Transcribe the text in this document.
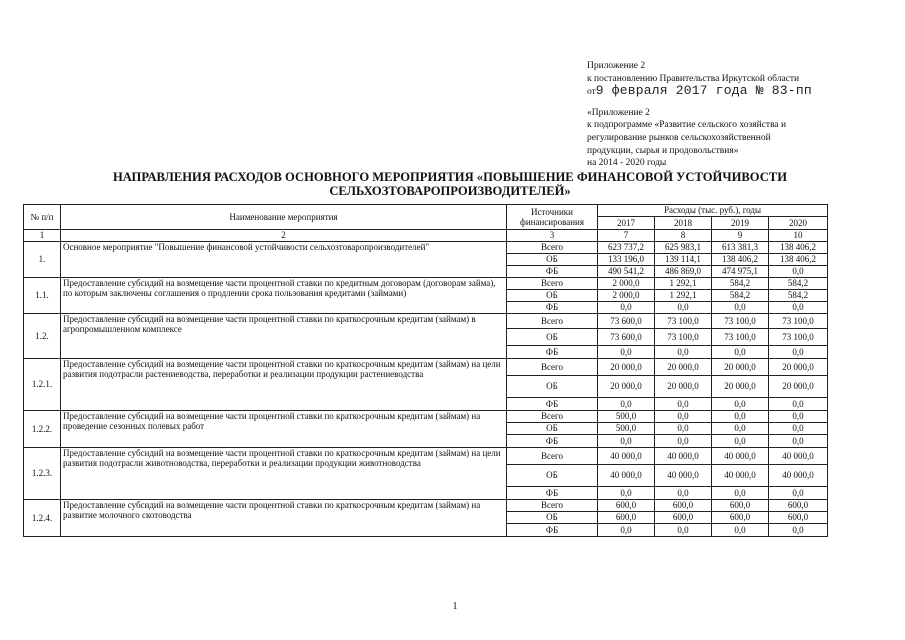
Приложение 2
к постановлению Правительства Иркутской области
от9 февраля 2017 года № 83-пп
«Приложение 2
к подпрограмме «Развитие сельского хозяйства и
регулирование рынков сельскохозяйственной
продукции, сырья и продовольствия»
на 2014 - 2020 годы
НАПРАВЛЕНИЯ РАСХОДОВ ОСНОВНОГО МЕРОПРИЯТИЯ «ПОВЫШЕНИЕ ФИНАНСОВОЙ УСТОЙЧИВОСТИ
СЕЛЬХОЗТОВАРОПРОИЗВОДИТЕЛЕЙ»
№ п/п	Наименование мероприятия	Источники финансирования	Расходы (тыс. руб.), годы			
			2017	2018	2019	2020
1	2	3	7	8	9	10
1.	Основное мероприятие "Повышение финансовой устойчивости сельхозтоваропроизводителей"	Всего	623 737,2	625 983,1	613 381,3	138 406,2
		ОБ	133 196,0	139 114,1	138 406,2	138 406,2
		ФБ	490 541,2	486 869,0	474 975,1	0,0
1.1.	Предоставление субсидий на возмещение части процентной ставки по кредитным договорам (договорам займа), по которым заключены соглашения о продлении срока пользования кредитами (займами)	Всего	2 000,0	1 292,1	584,2	584,2
		ОБ	2 000,0	1 292,1	584,2	584,2
		ФБ	0,0	0,0	0,0	0,0
1.2.	Предоставление субсидий на возмещение части процентной ставки по краткосрочным кредитам (займам) в агропромышленном комплексе	Всего	73 600,0	73 100,0	73 100,0	73 100,0
		ОБ	73 600,0	73 100,0	73 100,0	73 100,0
		ФБ	0,0	0,0	0,0	0,0
1.2.1.	Предоставление субсидий на возмещение части процентной ставки по краткосрочным кредитам (займам) на цели развития подотрасли растениеводства, переработки и реализации продукции растениеводства	Всего	20 000,0	20 000,0	20 000,0	20 000,0
		ОБ	20 000,0	20 000,0	20 000,0	20 000,0
		ФБ	0,0	0,0	0,0	0,0
1.2.2.	Предоставление субсидий на возмещение части процентной ставки по краткосрочным кредитам (займам) на проведение сезонных полевых работ	Всего	500,0	0,0	0,0	0,0
		ОБ	500,0	0,0	0,0	0,0
		ФБ	0,0	0,0	0,0	0,0
1.2.3.	Предоставление субсидий на возмещение части процентной ставки по краткосрочным кредитам (займам) на цели развития подотрасли животноводства, переработки и реализации продукции животноводства	Всего	40 000,0	40 000,0	40 000,0	40 000,0
		ОБ	40 000,0	40 000,0	40 000,0	40 000,0
		ФБ	0,0	0,0	0,0	0,0
1.2.4.	Предоставление субсидий на возмещение части процентной ставки по краткосрочным кредитам (займам) на развитие молочного скотоводства	Всего	600,0	600,0	600,0	600,0
		ОБ	600,0	600,0	600,0	600,0
		ФБ	0,0	0,0	0,0	0,0
1
